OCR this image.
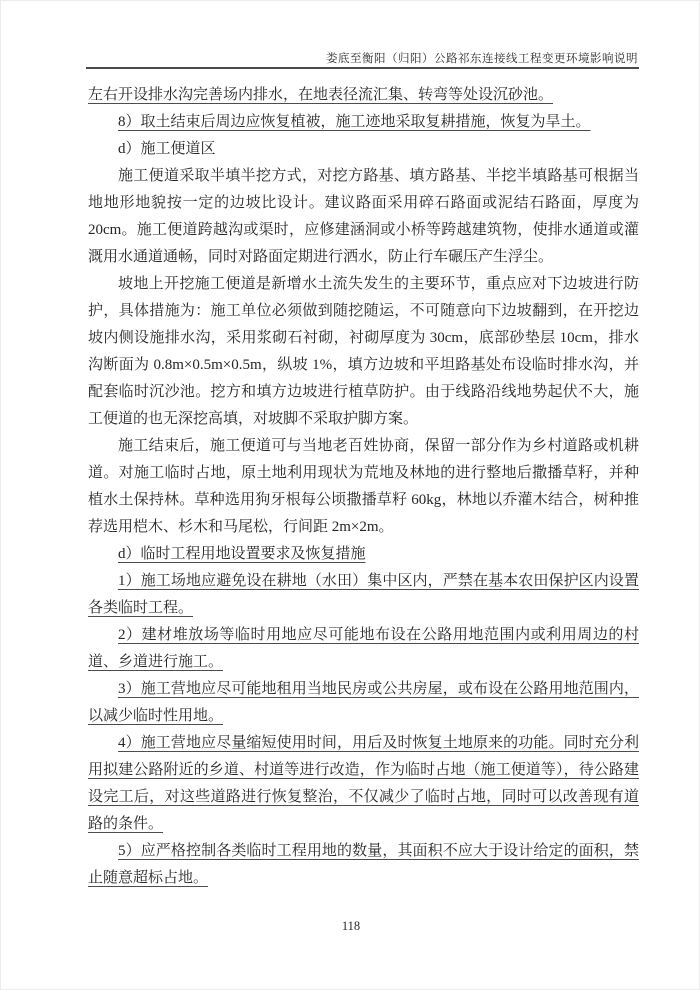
娄底至衡阳（归阳）公路祁东连接线工程变更环境影响说明

左右开设排水沟完善场内排水，在地表径流汇集、转弯等处设沉砂池。

8）取土结束后周边应恢复植被，施工迹地采取复耕措施，恢复为旱土。

d）施工便道区

施工便道采取半填半挖方式，对挖方路基、填方路基、半挖半填路基可根据当地地形地貌按一定的边坡比设计。建议路面采用碎石路面或泥结石路面，厚度为 20cm。施工便道跨越沟或渠时，应修建涵洞或小桥等跨越建筑物，使排水通道或灌溉用水通道通畅，同时对路面定期进行洒水，防止行车碾压产生浮尘。

坡地上开挖施工便道是新增水土流失发生的主要环节，重点应对下边坡进行防护，具体措施为：施工单位必须做到随挖随运，不可随意向下边坡翻到，在开挖边坡内侧设施排水沟，采用浆砌石衬砌，衬砌厚度为 30cm，底部砂垫层 10cm，排水沟断面为 0.8m×0.5m×0.5m，纵坡 1%，填方边坡和平坦路基处布设临时排水沟，并配套临时沉沙池。挖方和填方边坡进行植草防护。由于线路沿线地势起伏不大，施工便道的也无深挖高填，对坡脚不采取护脚方案。

施工结束后，施工便道可与当地老百姓协商，保留一部分作为乡村道路或机耕道。对施工临时占地，原土地利用现状为荒地及林地的进行整地后撒播草籽，并种植水土保持林。草种选用狗牙根每公顷撒播草籽 60kg，林地以乔灌木结合，树种推荐选用桤木、杉木和马尾松，行间距 2m×2m。

d）临时工程用地设置要求及恢复措施

1）施工场地应避免设在耕地（水田）集中区内，严禁在基本农田保护区内设置各类临时工程。

2）建材堆放场等临时用地应尽可能地布设在公路用地范围内或利用周边的村道、乡道进行施工。

3）施工营地应尽可能地租用当地民房或公共房屋，或布设在公路用地范围内，以减少临时性用地。

4）施工营地应尽量缩短使用时间，用后及时恢复土地原来的功能。同时充分利用拟建公路附近的乡道、村道等进行改造，作为临时占地（施工便道等），待公路建设完工后，对这些道路进行恢复整治，不仅减少了临时占地，同时可以改善现有道路的条件。

5）应严格控制各类临时工程用地的数量，其面积不应大于设计给定的面积，禁止随意超标占地。

118
